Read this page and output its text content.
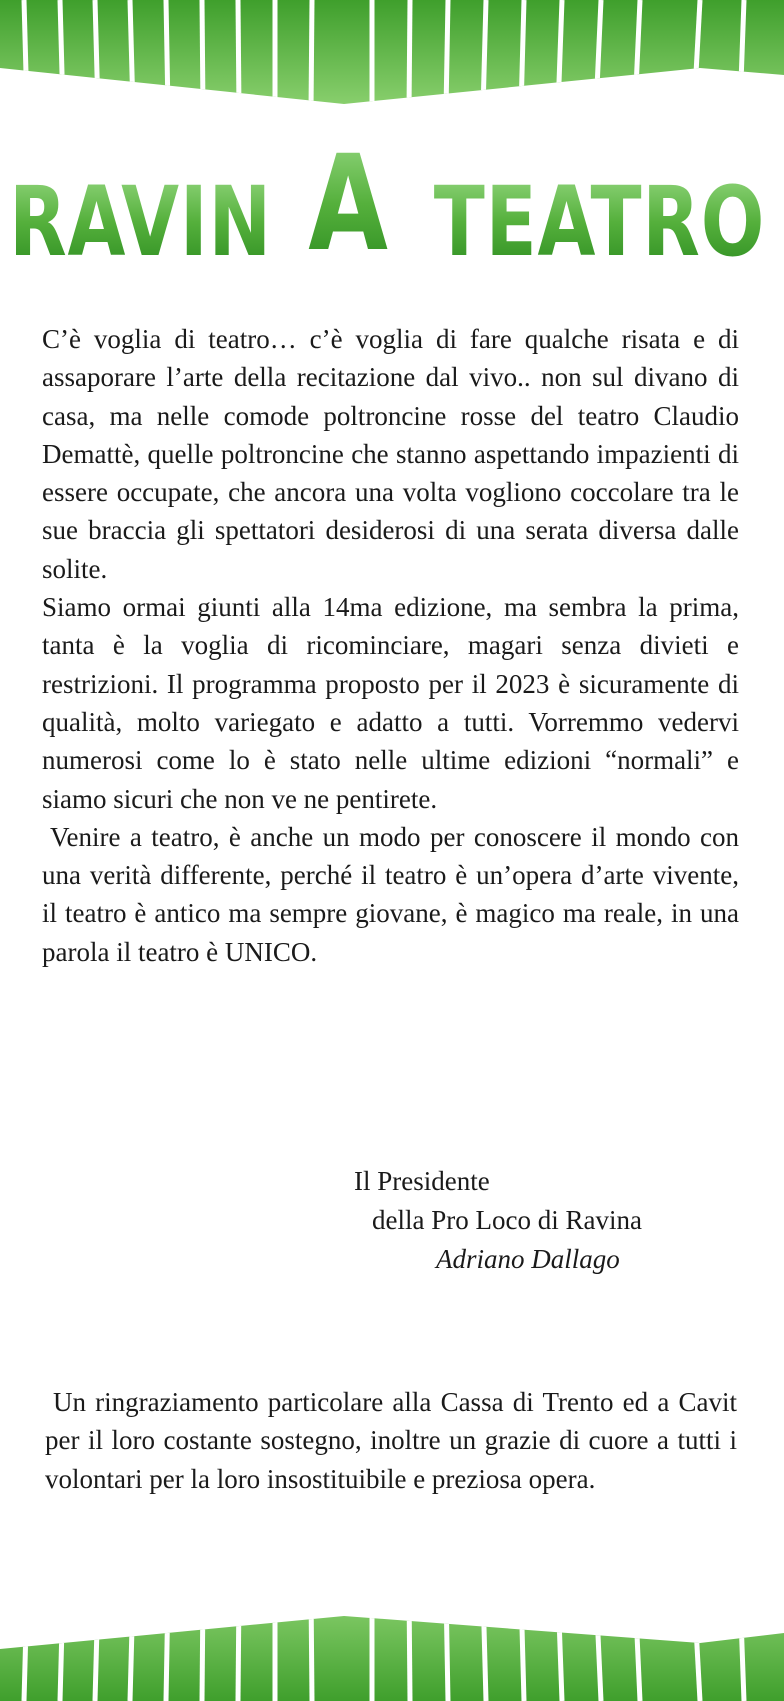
RAVIN A TEATRO

C’è voglia di teatro… c’è voglia di fare qualche risata e di assaporare l’arte della recitazione dal vivo.. non sul divano di casa, ma nelle comode poltroncine rosse del teatro Claudio Demattè, quelle poltroncine che stanno aspettando impazienti di essere occupate, che ancora una volta vogliono coccolare tra le sue braccia gli spettatori desiderosi di una serata diversa dalle solite.

Siamo ormai giunti alla 14ma edizione, ma sembra la prima, tanta è la voglia di ricominciare, magari senza divieti e restrizioni. Il programma proposto per il 2023 è sicuramente di qualità, molto variegato e adatto a tutti. Vorremmo vedervi numerosi come lo è stato nelle ultime edizioni “normali” e siamo sicuri che non ve ne pentirete.

Venire a teatro, è anche un modo per conoscere il mondo con una verità differente, perché il teatro è un’opera d’arte vivente, il teatro è antico ma sempre giovane, è magico ma reale, in una parola il teatro è UNICO.

Il Presidente
della Pro Loco di Ravina
Adriano Dallago

Un ringraziamento particolare alla Cassa di Trento ed a Cavit per il loro costante sostegno, inoltre un grazie di cuore a tutti i volontari per la loro insostituibile e preziosa opera.
